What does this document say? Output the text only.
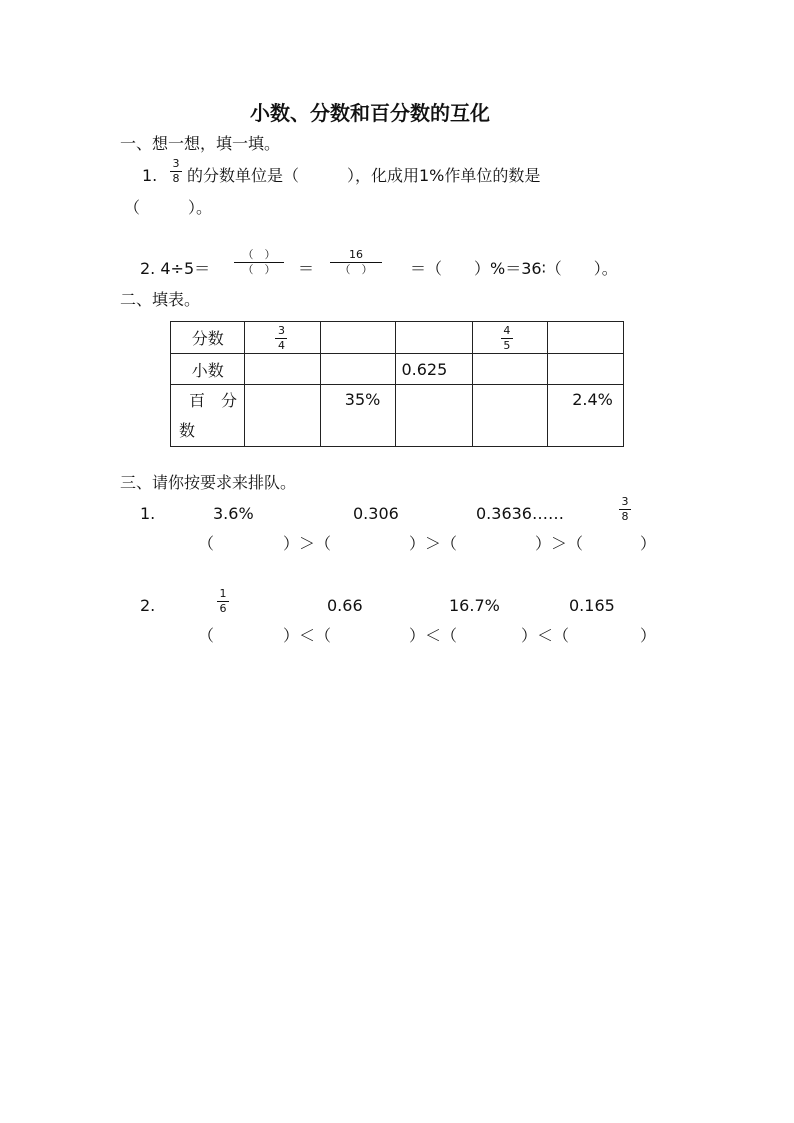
小数、分数和百分数的互化
一、想一想，填一填。
1.
3
8 的分数单位是（　　　），化成用1%作单位的数是
（　　　）。
2. 4÷5＝
（　）
（　） ＝
16
（　） ＝（　　）%＝36∶（　　）。
二、填表。
分数	3
4			4
5	

小数			0.625		

百　分
数		35%			2.4%
三、请你按要求来排队。
1.	3.6%	0.306	0.3636……
3
8
（	）＞（	）＞（	）＞（	）
2.
1
6	0.66	16.7%	0.165
（	）＜（	）＜（	）＜（	）
